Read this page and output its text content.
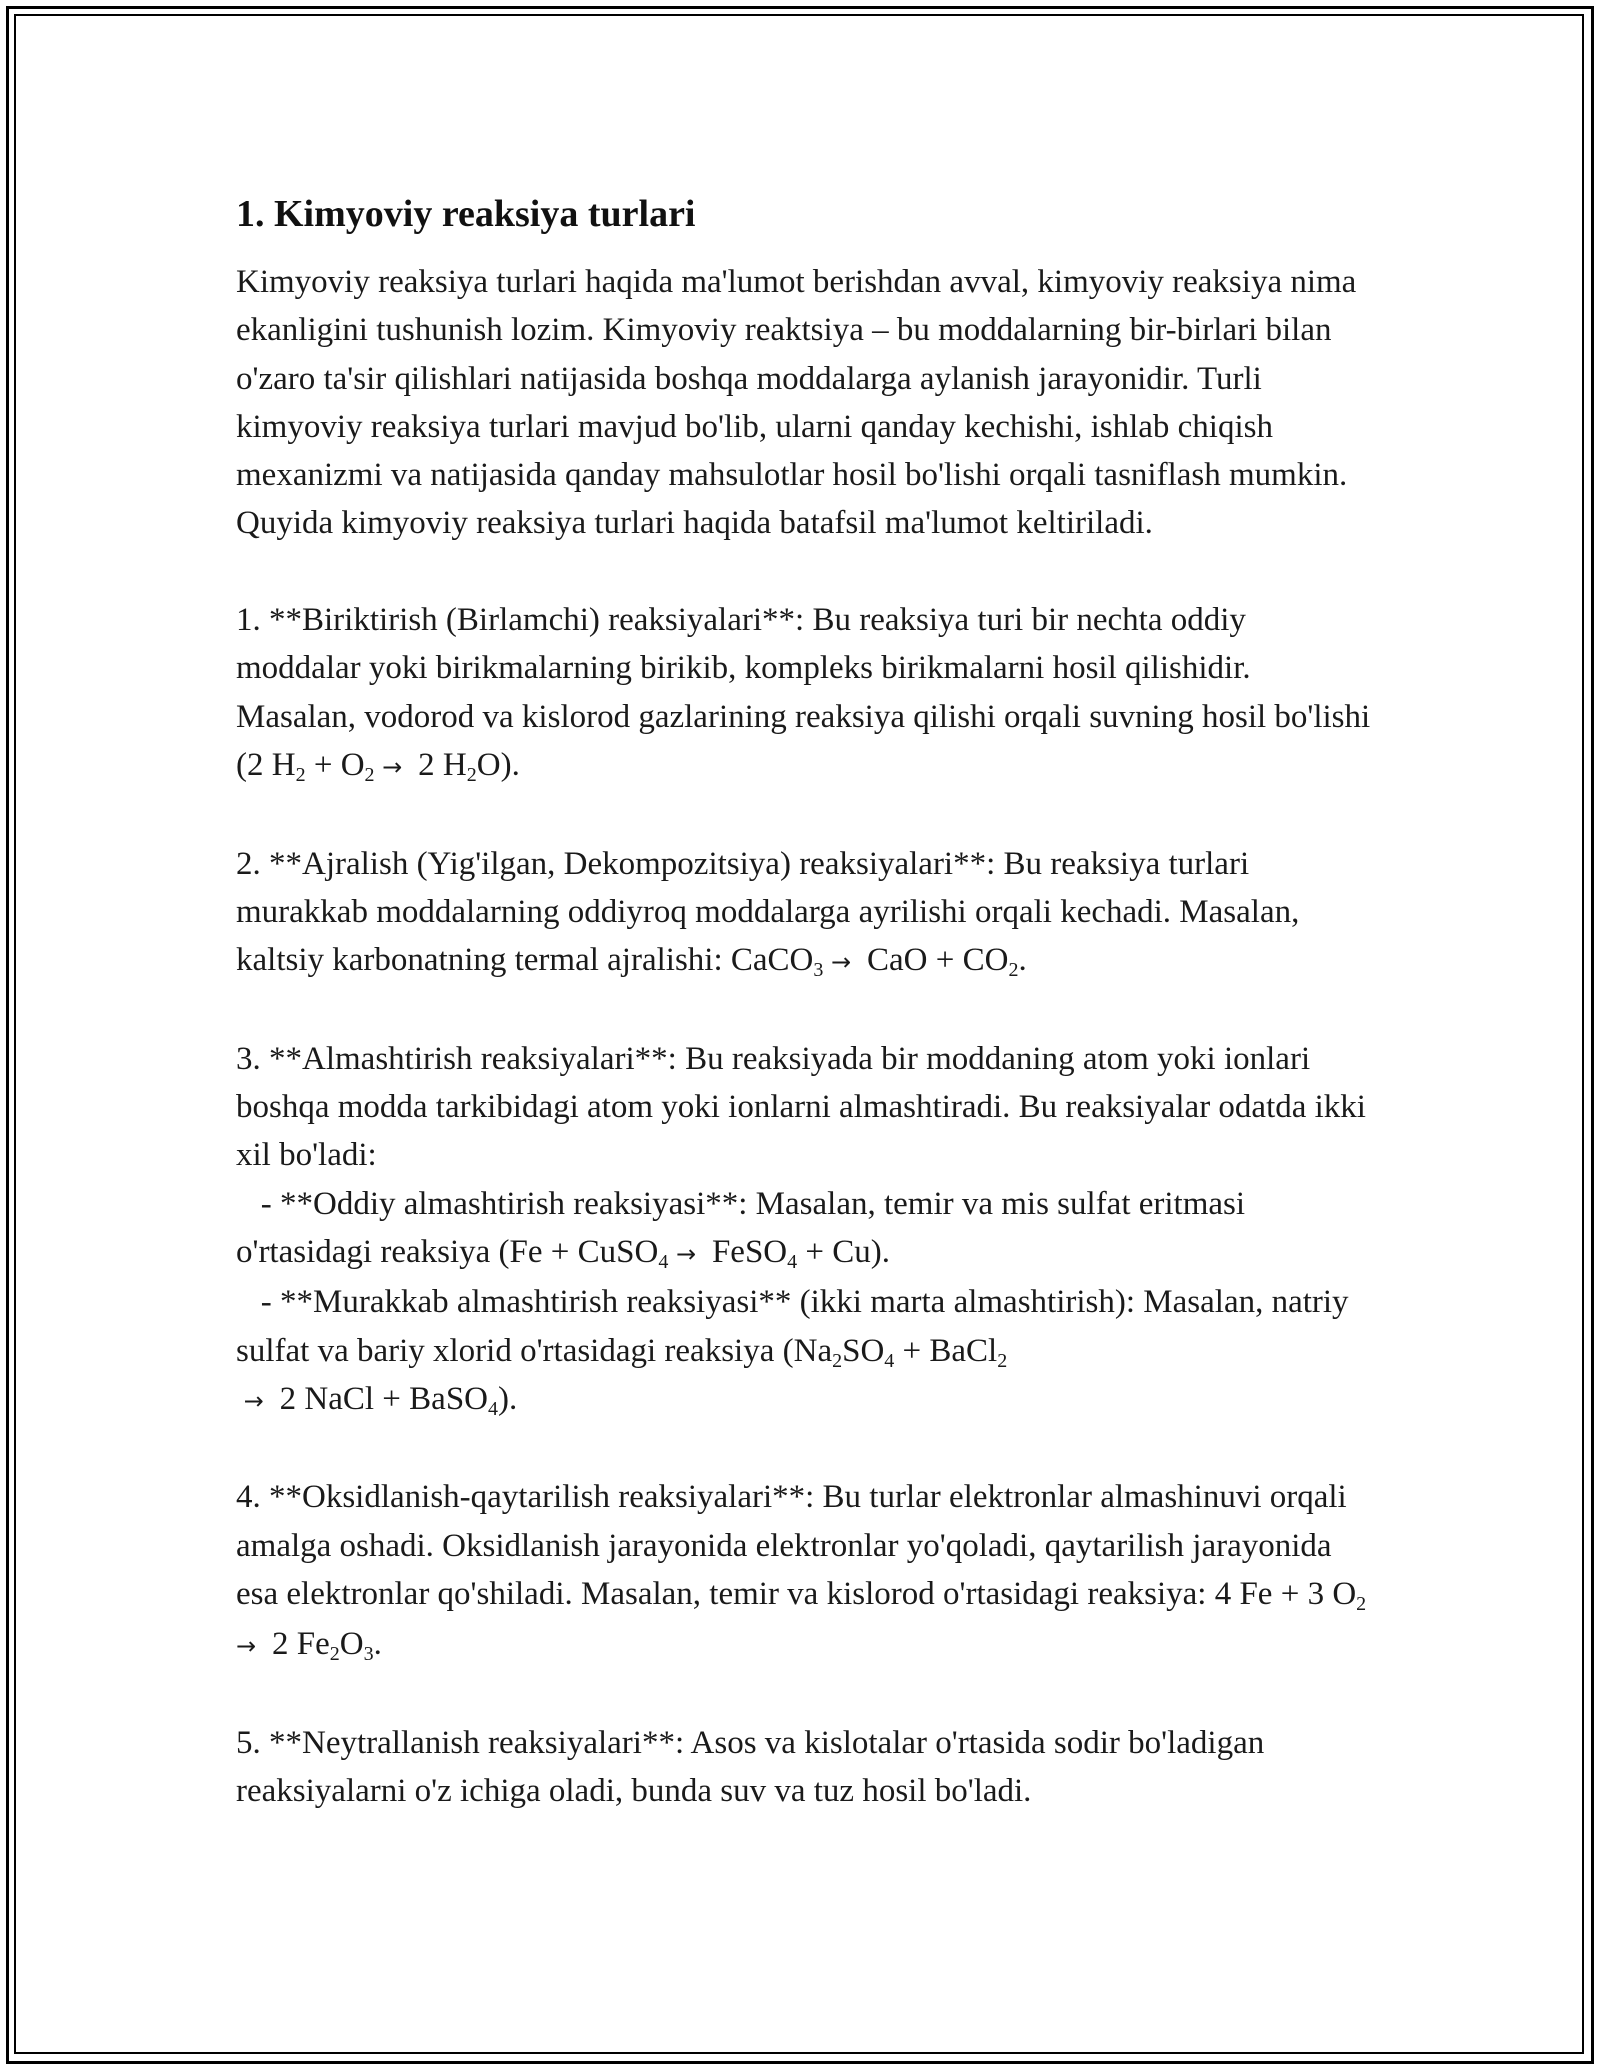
1. Kimyoviy reaksiya turlari

Kimyoviy reaksiya turlari haqida ma'lumot berishdan avval, kimyoviy reaksiya nima ekanligini tushunish lozim. Kimyoviy reaktsiya – bu moddalarning bir-birlari bilan o'zaro ta'sir qilishlari natijasida boshqa moddalarga aylanish jarayonidir. Turli kimyoviy reaksiya turlari mavjud bo'lib, ularni qanday kechishi, ishlab chiqish mexanizmi va natijasida qanday mahsulotlar hosil bo'lishi orqali tasniflash mumkin. Quyida kimyoviy reaksiya turlari haqida batafsil ma'lumot keltiriladi.

1. **Biriktirish (Birlamchi) reaksiyalari**: Bu reaksiya turi bir nechta oddiy moddalar yoki birikmalarning birikib, kompleks birikmalarni hosil qilishidir. Masalan, vodorod va kislorod gazlarining reaksiya qilishi orqali suvning hosil bo'lishi (2 $H_2 + O_2 \to 2$ $H_2O$).

2. **Ajralish (Yig'ilgan, Dekompozitsiya) reaksiyalari**: Bu reaksiya turlari murakkab moddalarning oddiyroq moddalarga ayrilishi orqali kechadi. Masalan, kaltsiy karbonatning termal ajralishi: CaCO$_3$ →  CaO + $CO_2$.

3. **Almashtirish reaksiyalari**: Bu reaksiyada bir moddaning atom yoki ionlari boshqa modda tarkibidagi atom yoki ionlarni almashtiradi. Bu reaksiyalar odatda ikki xil bo'ladi:

- **Oddiy almashtirish reaksiyasi**: Masalan, temir va mis sulfat eritmasi o'rtasidagi reaksiya (Fe + CuSO$_4$ →  FeSO$_4$ + Cu).

- **Murakkab almashtirish reaksiyasi** (ikki marta almashtirish): Masalan, natriy sulfat va bariy xlorid o'rtasidagi reaksiya ($Na_2SO_4$ + BaCl$_2$
→  2 NaCl + BaSO$_4$).

4. **Oksidlanish-qaytarilish reaksiyalari**: Bu turlar elektronlar almashinuvi orqali amalga oshadi. Oksidlanish jarayonida elektronlar yo'qoladi, qaytarilish jarayonida esa elektronlar qo'shiladi. Masalan, temir va kislorod o'rtasidagi reaksiya: 4 Fe + 3 $O_2 \to 2$ $Fe_2O_3$.

5. **Neytrallanish reaksiyalari**: Asos va kislotalar o'rtasida sodir bo'ladigan reaksiyalarni o'z ichiga oladi, bunda suv va tuz hosil bo'ladi.
